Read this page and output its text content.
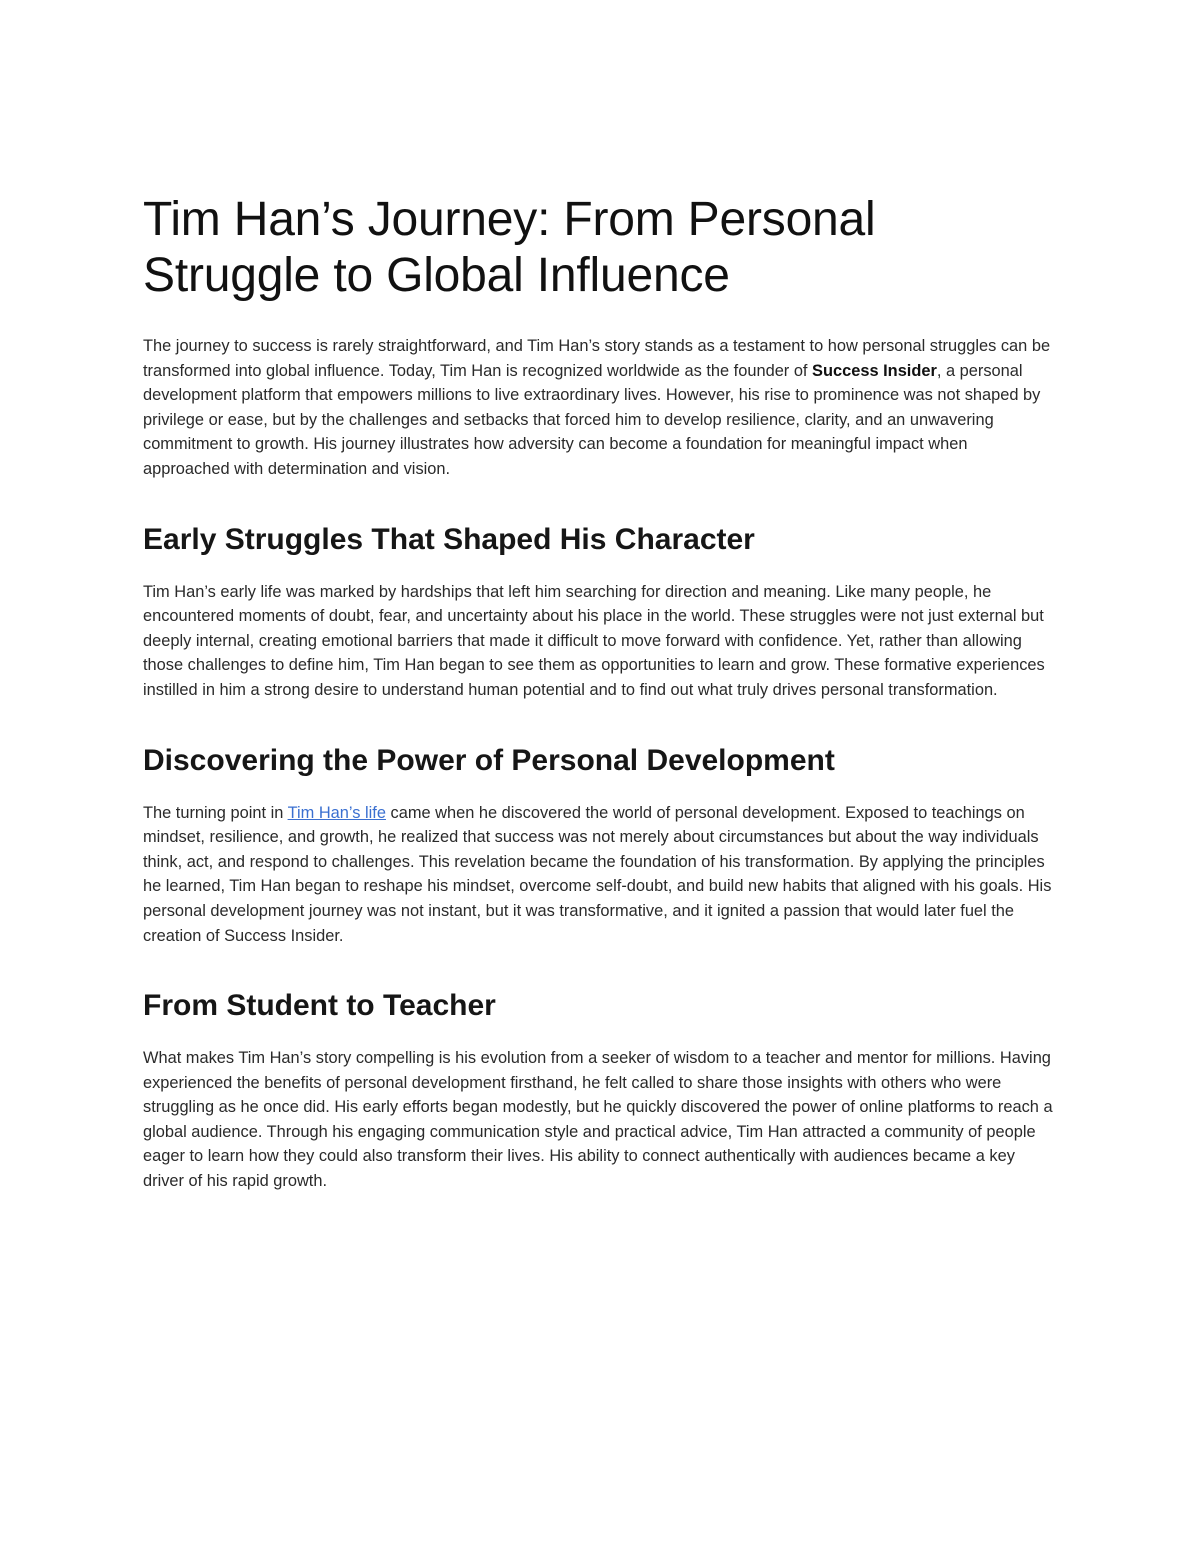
Tim Han’s Journey: From Personal Struggle to Global Influence

The journey to success is rarely straightforward, and Tim Han’s story stands as a testament to how personal struggles can be transformed into global influence. Today, Tim Han is recognized worldwide as the founder of Success Insider, a personal development platform that empowers millions to live extraordinary lives. However, his rise to prominence was not shaped by privilege or ease, but by the challenges and setbacks that forced him to develop resilience, clarity, and an unwavering commitment to growth. His journey illustrates how adversity can become a foundation for meaningful impact when approached with determination and vision.

Early Struggles That Shaped His Character

Tim Han’s early life was marked by hardships that left him searching for direction and meaning. Like many people, he encountered moments of doubt, fear, and uncertainty about his place in the world. These struggles were not just external but deeply internal, creating emotional barriers that made it difficult to move forward with confidence. Yet, rather than allowing those challenges to define him, Tim Han began to see them as opportunities to learn and grow. These formative experiences instilled in him a strong desire to understand human potential and to find out what truly drives personal transformation.

Discovering the Power of Personal Development

The turning point in Tim Han’s life came when he discovered the world of personal development. Exposed to teachings on mindset, resilience, and growth, he realized that success was not merely about circumstances but about the way individuals think, act, and respond to challenges. This revelation became the foundation of his transformation. By applying the principles he learned, Tim Han began to reshape his mindset, overcome self-doubt, and build new habits that aligned with his goals. His personal development journey was not instant, but it was transformative, and it ignited a passion that would later fuel the creation of Success Insider.

From Student to Teacher

What makes Tim Han’s story compelling is his evolution from a seeker of wisdom to a teacher and mentor for millions. Having experienced the benefits of personal development firsthand, he felt called to share those insights with others who were struggling as he once did. His early efforts began modestly, but he quickly discovered the power of online platforms to reach a global audience. Through his engaging communication style and practical advice, Tim Han attracted a community of people eager to learn how they could also transform their lives. His ability to connect authentically with audiences became a key driver of his rapid growth.
